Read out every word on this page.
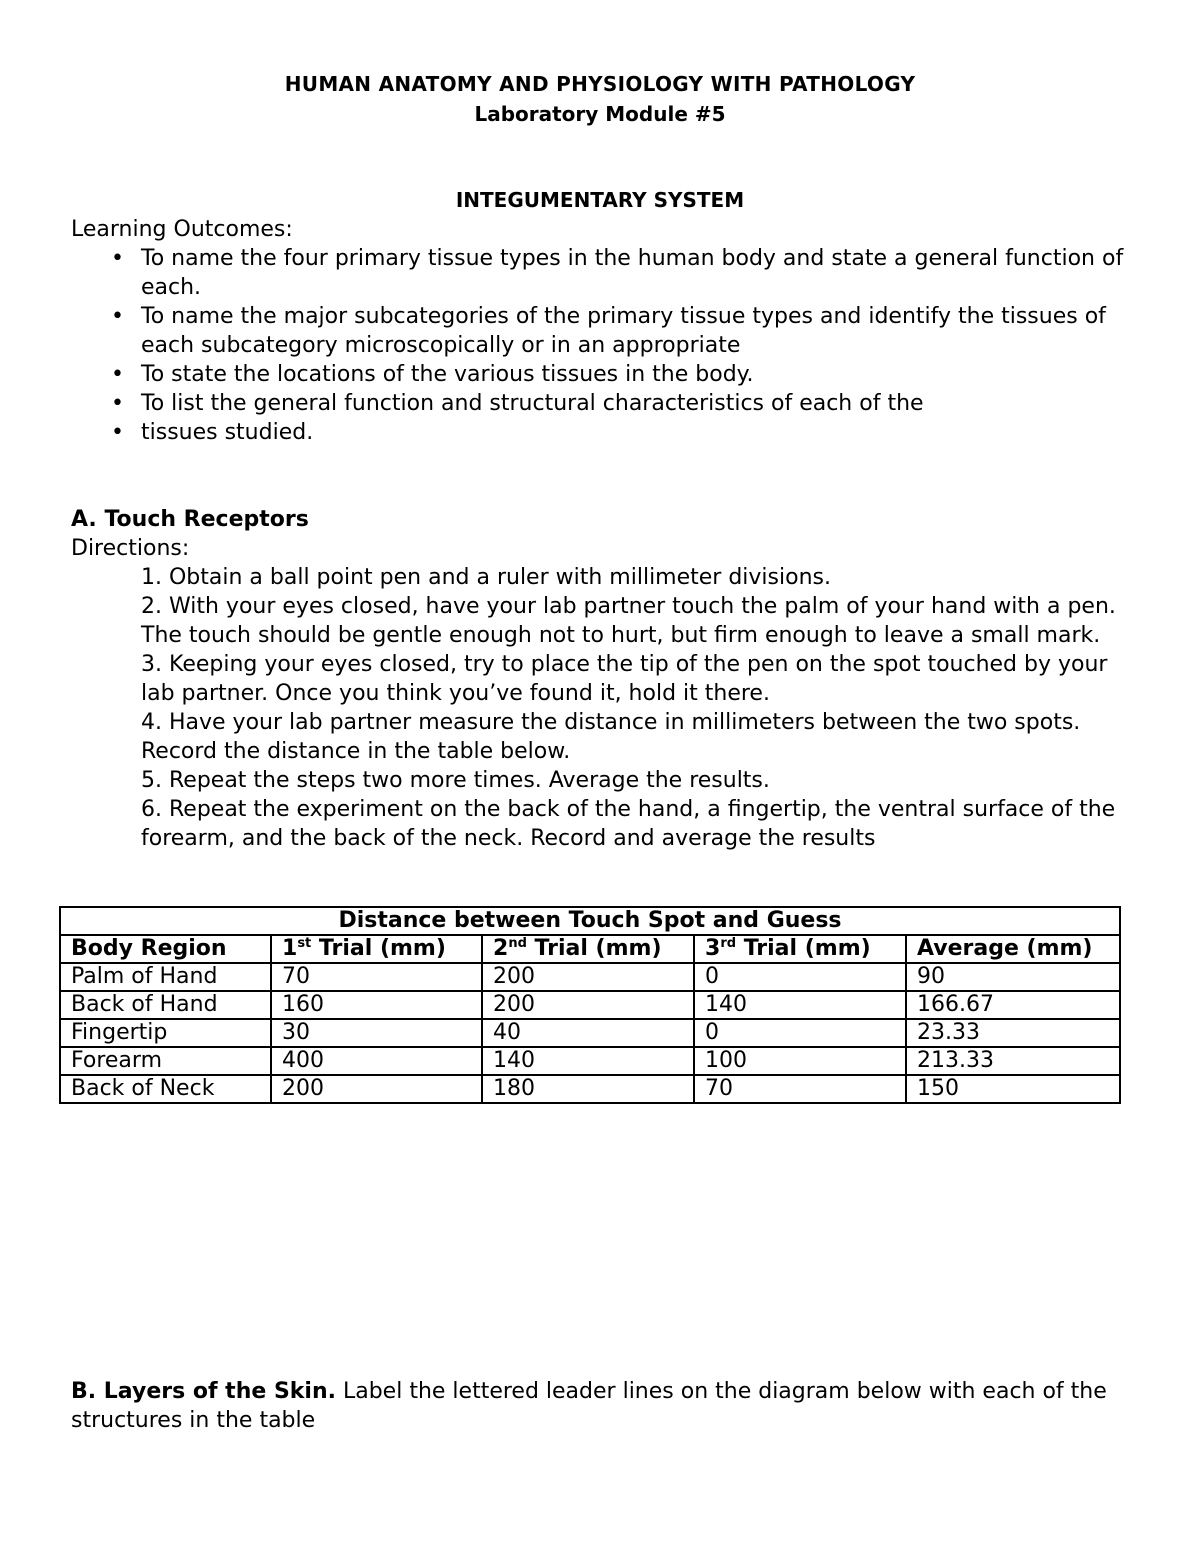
HUMAN ANATOMY AND PHYSIOLOGY WITH PATHOLOGY
Laboratory Module #5
INTEGUMENTARY SYSTEM
Learning Outcomes:
• To name the four primary tissue types in the human body and state a general function of each.
• To name the major subcategories of the primary tissue types and identify the tissues of each subcategory microscopically or in an appropriate
• To state the locations of the various tissues in the body.
• To list the general function and structural characteristics of each of the
• tissues studied.
A. Touch Receptors
Directions:
1. Obtain a ball point pen and a ruler with millimeter divisions.
2. With your eyes closed, have your lab partner touch the palm of your hand with a pen. The touch should be gentle enough not to hurt, but firm enough to leave a small mark.
3. Keeping your eyes closed, try to place the tip of the pen on the spot touched by your lab partner. Once you think you’ve found it, hold it there.
4. Have your lab partner measure the distance in millimeters between the two spots. Record the distance in the table below.
5. Repeat the steps two more times. Average the results.
6. Repeat the experiment on the back of the hand, a fingertip, the ventral surface of the forearm, and the back of the neck. Record and average the results
Distance between Touch Spot and Guess				
Body Region	1st Trial (mm)	2nd Trial (mm)	3rd Trial (mm)	Average (mm)
Palm of Hand	70	200	0	90
Back of Hand	160	200	140	166.67
Fingertip	30	40	0	23.33
Forearm	400	140	100	213.33
Back of Neck	200	180	70	150
B. Layers of the Skin. Label the lettered leader lines on the diagram below with each of the structures in the table
